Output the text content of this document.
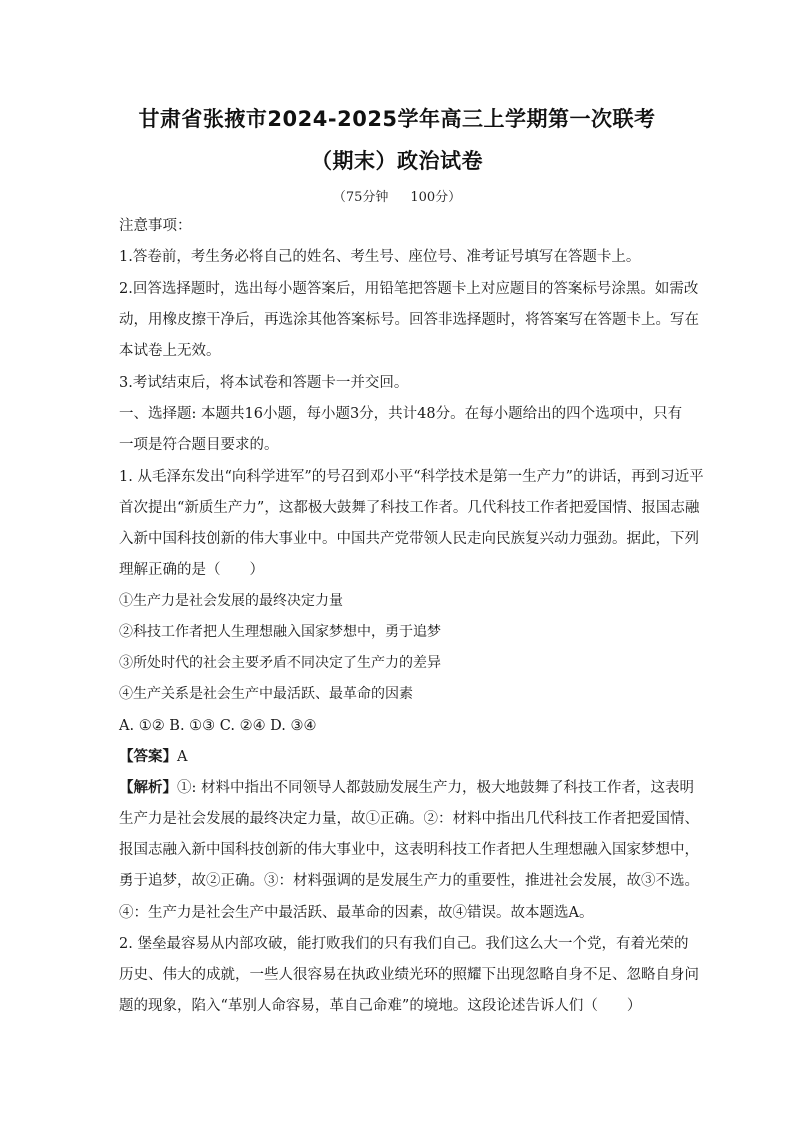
甘肃省张掖市2024-2025学年高三上学期第一次联考
（期末）政治试卷
（75分钟 100分）
注意事项：
1.答卷前，考生务必将自己的姓名、考生号、座位号、准考证号填写在答题卡上。
2.回答选择题时，选出每小题答案后，用铅笔把答题卡上对应题目的答案标号涂黑。如需改
动，用橡皮擦干净后，再选涂其他答案标号。回答非选择题时，将答案写在答题卡上。写在
本试卷上无效。
3.考试结束后，将本试卷和答题卡一并交回。
一、选择题: 本题共16小题，每小题3分，共计48分。在每小题给出的四个选项中，只有
一项是符合题目要求的。
1. 从毛泽东发出“向科学进军”的号召到邓小平“科学技术是第一生产力”的讲话，再到习近平
首次提出“新质生产力”，这都极大鼓舞了科技工作者。几代科技工作者把爱国情、报国志融
入新中国科技创新的伟大事业中。中国共产党带领人民走向民族复兴动力强劲。据此，下列
理解正确的是（　　）
①生产力是社会发展的最终决定力量
②科技工作者把人生理想融入国家梦想中，勇于追梦
③所处时代的社会主要矛盾不同决定了生产力的差异
④生产关系是社会生产中最活跃、最革命的因素
A. ①② B. ①③ C. ②④ D. ③④
【答案】A
【解析】①: 材料中指出不同领导人都鼓励发展生产力，极大地鼓舞了科技工作者，这表明
生产力是社会发展的最终决定力量，故①正确。②：材料中指出几代科技工作者把爱国情、
报国志融入新中国科技创新的伟大事业中，这表明科技工作者把人生理想融入国家梦想中，
勇于追梦，故②正确。③：材料强调的是发展生产力的重要性，推进社会发展，故③不选。
④：生产力是社会生产中最活跃、最革命的因素，故④错误。故本题选A。
2. 堡垒最容易从内部攻破，能打败我们的只有我们自己。我们这么大一个党，有着光荣的
历史、伟大的成就，一些人很容易在执政业绩光环的照耀下出现忽略自身不足、忽略自身问
题的现象，陷入“革别人命容易，革自己命难”的境地。这段论述告诉人们（　　）
